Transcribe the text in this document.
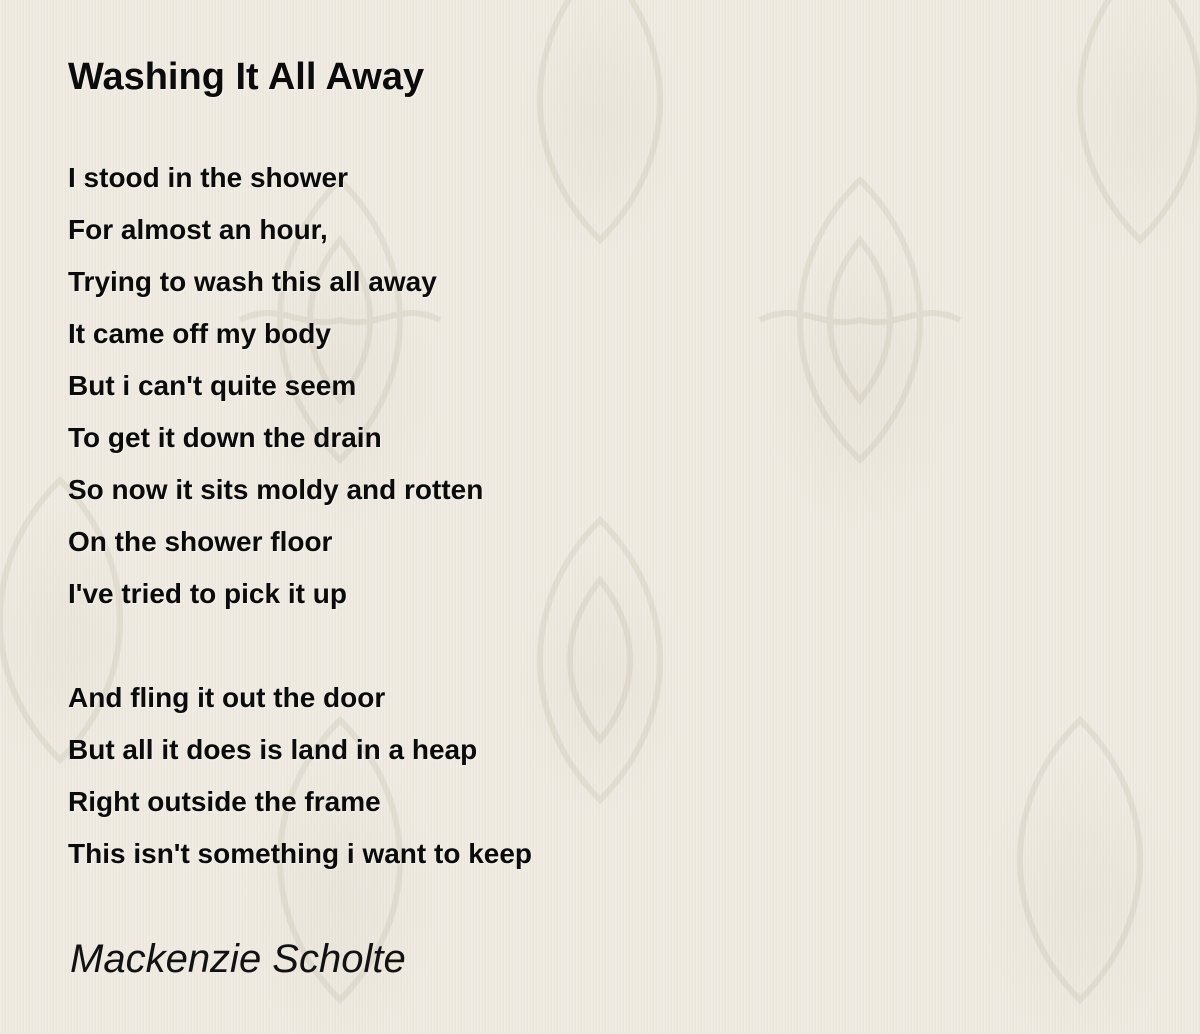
Washing It All Away
I stood in the shower
For almost an hour,
Trying to wash this all away
It came off my body
But i can't quite seem
To get it down the drain
So now it sits moldy and rotten
On the shower floor
I've tried to pick it up
And fling it out the door
But all it does is land in a heap
Right outside the frame
This isn't something i want to keep

Mackenzie Scholte
